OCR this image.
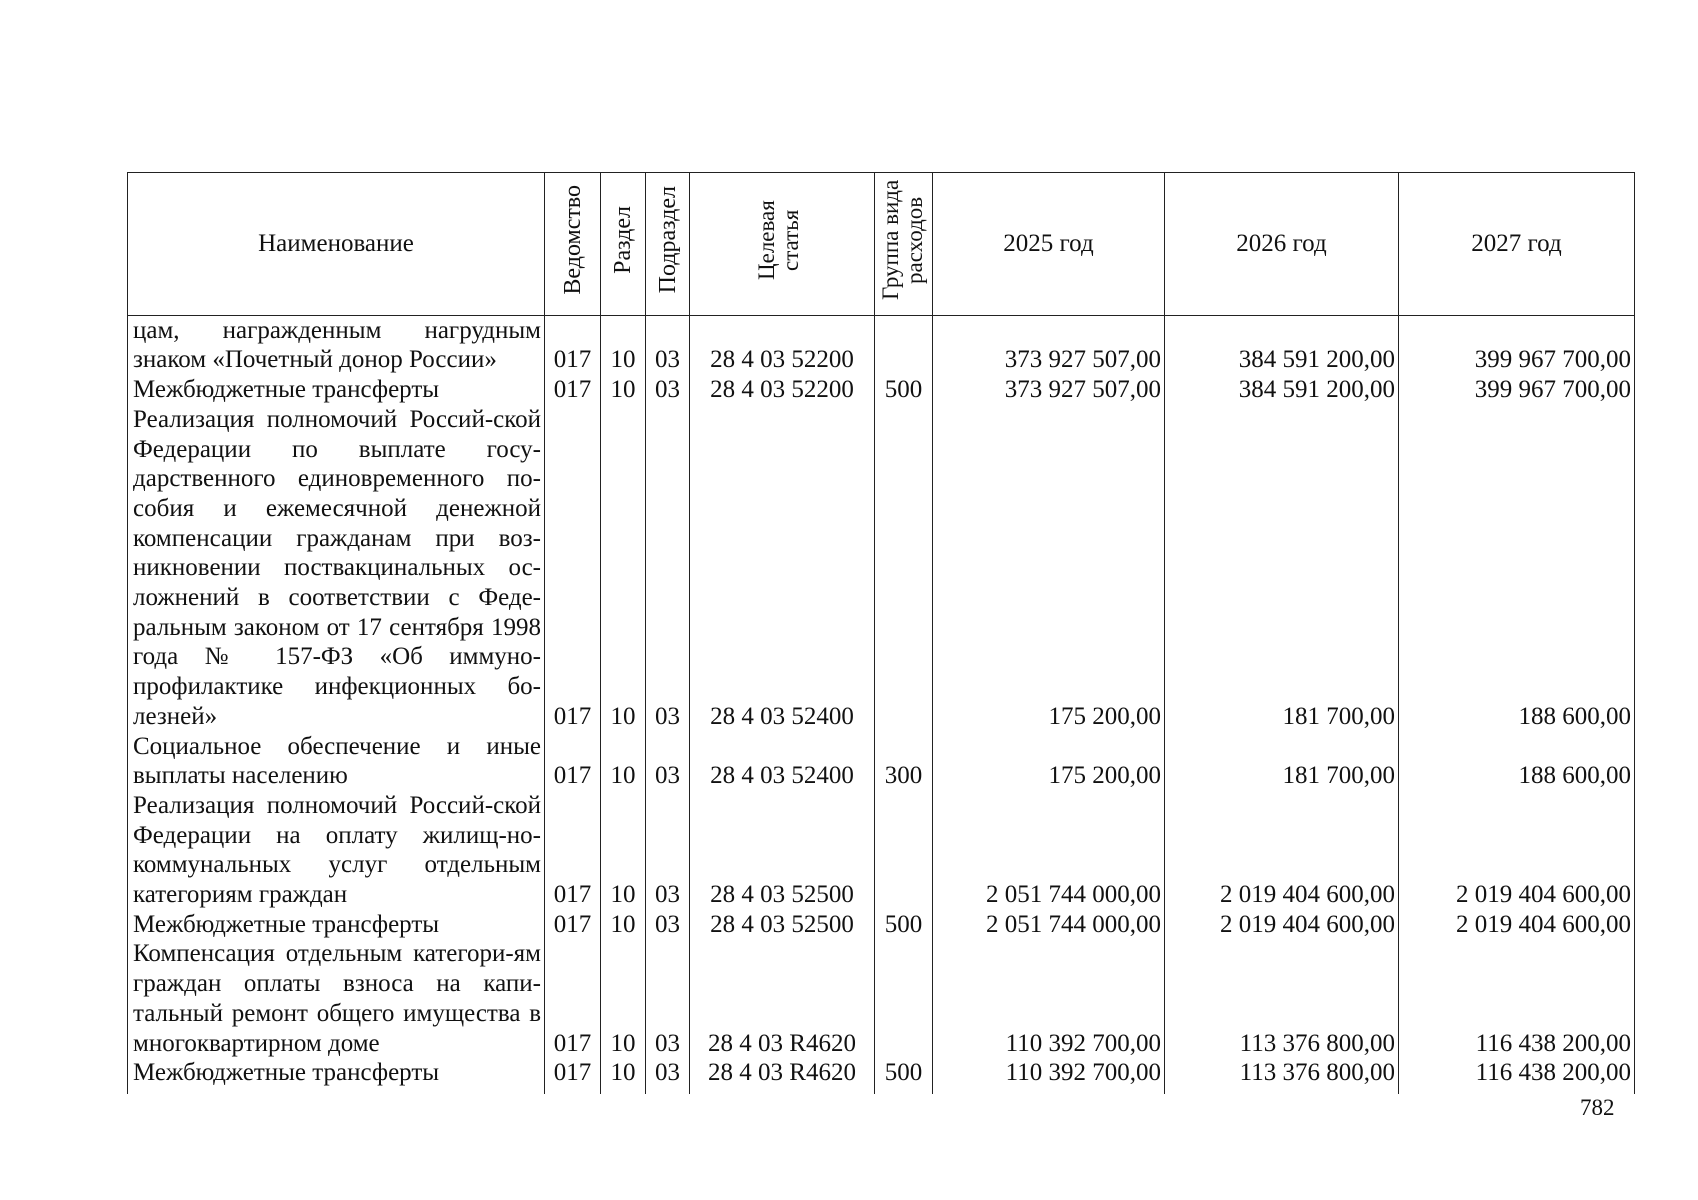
Наименование	Ведомство	Раздел	Подраздел	Целевая статья	Группа вида расходов	2025 год	2026 год	2027 год
цам, награжденным нагрудным знаком «Почетный донор России»	017	10	03	28 4 03 52200		373 927 507,00	384 591 200,00	399 967 700,00
Межбюджетные трансферты	017	10	03	28 4 03 52200	500	373 927 507,00	384 591 200,00	399 967 700,00
Реализация полномочий Россий-ской Федерации по выплате госу-дарственного единовременного по-собия и ежемесячной денежной компенсации гражданам при воз-никновении поствакцинальных ос-ложнений в соответствии с Феде-ральным законом от 17 сентября 1998 года № 157-ФЗ «Об иммуно-профилактике инфекционных бо-лезней»	017	10	03	28 4 03 52400		175 200,00	181 700,00	188 600,00
Социальное обеспечение и иные выплаты населению	017	10	03	28 4 03 52400	300	175 200,00	181 700,00	188 600,00
Реализация полномочий Россий-ской Федерации на оплату жилищ-но-коммунальных услуг отдельным категориям граждан	017	10	03	28 4 03 52500		2 051 744 000,00	2 019 404 600,00	2 019 404 600,00
Межбюджетные трансферты	017	10	03	28 4 03 52500	500	2 051 744 000,00	2 019 404 600,00	2 019 404 600,00
Компенсация отдельным категори-ям граждан оплаты взноса на капи-тальный ремонт общего имущества в многоквартирном доме	017	10	03	28 4 03 R4620		110 392 700,00	113 376 800,00	116 438 200,00
Межбюджетные трансферты	017	10	03	28 4 03 R4620	500	110 392 700,00	113 376 800,00	116 438 200,00
782
